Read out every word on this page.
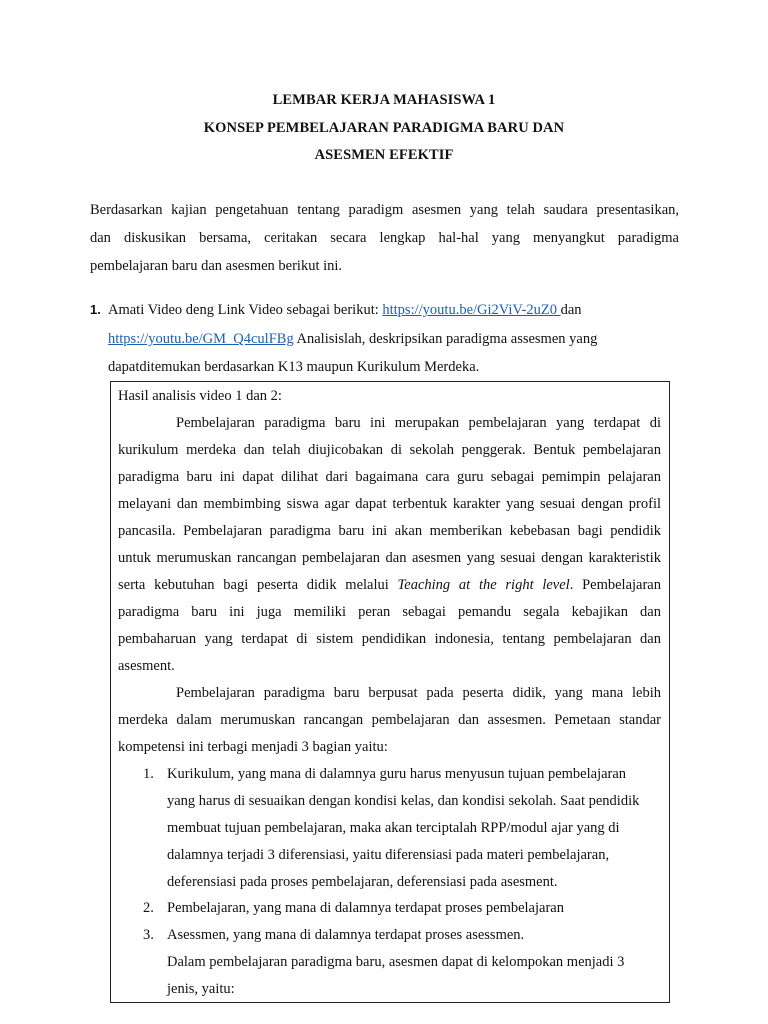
LEMBAR KERJA MAHASISWA 1
KONSEP PEMBELAJARAN PARADIGMA BARU DAN
ASESMEN EFEKTIF
Berdasarkan kajian pengetahuan tentang paradigm asesmen yang telah saudara presentasikan,
dan diskusikan bersama, ceritakan secara lengkap hal-hal yang menyangkut paradigma
pembelajaran baru dan asesmen berikut ini.
1. Amati Video deng Link Video sebagai berikut: https://youtu.be/Gi2ViV-2uZ0 dan
https://youtu.be/GM_Q4culFBg Analisislah, deskripsikan paradigma assesmen yang
dapatditemukan berdasarkan K13 maupun Kurikulum Merdeka.
Hasil analisis video 1 dan 2:
Pembelajaran paradigma baru ini merupakan pembelajaran yang terdapat di
kurikulum merdeka dan telah diujicobakan di sekolah penggerak. Bentuk pembelajaran
paradigma baru ini dapat dilihat dari bagaimana cara guru sebagai pemimpin pelajaran
melayani dan membimbing siswa agar dapat terbentuk karakter yang sesuai dengan profil
pancasila. Pembelajaran paradigma baru ini akan memberikan kebebasan bagi pendidik
untuk merumuskan rancangan pembelajaran dan asesmen yang sesuai dengan karakteristik
serta kebutuhan bagi peserta didik melalui Teaching at the right level. Pembelajaran
paradigma baru ini juga memiliki peran sebagai pemandu segala kebajikan dan
pembaharuan yang terdapat di sistem pendidikan indonesia, tentang pembelajaran dan
asesment.
Pembelajaran paradigma baru berpusat pada peserta didik, yang mana lebih
merdeka dalam merumuskan rancangan pembelajaran dan assesmen. Pemetaan standar
kompetensi ini terbagi menjadi 3 bagian yaitu:
1. Kurikulum, yang mana di dalamnya guru harus menyusun tujuan pembelajaran
yang harus di sesuaikan dengan kondisi kelas, dan kondisi sekolah. Saat pendidik
membuat tujuan pembelajaran, maka akan terciptalah RPP/modul ajar yang di
dalamnya terjadi 3 diferensiasi, yaitu diferensiasi pada materi pembelajaran,
deferensiasi pada proses pembelajaran, deferensiasi pada asesment.
2. Pembelajaran, yang mana di dalamnya terdapat proses pembelajaran
3. Asessmen, yang mana di dalamnya terdapat proses asessmen.
Dalam pembelajaran paradigma baru, asesmen dapat di kelompokan menjadi 3
jenis, yaitu:
